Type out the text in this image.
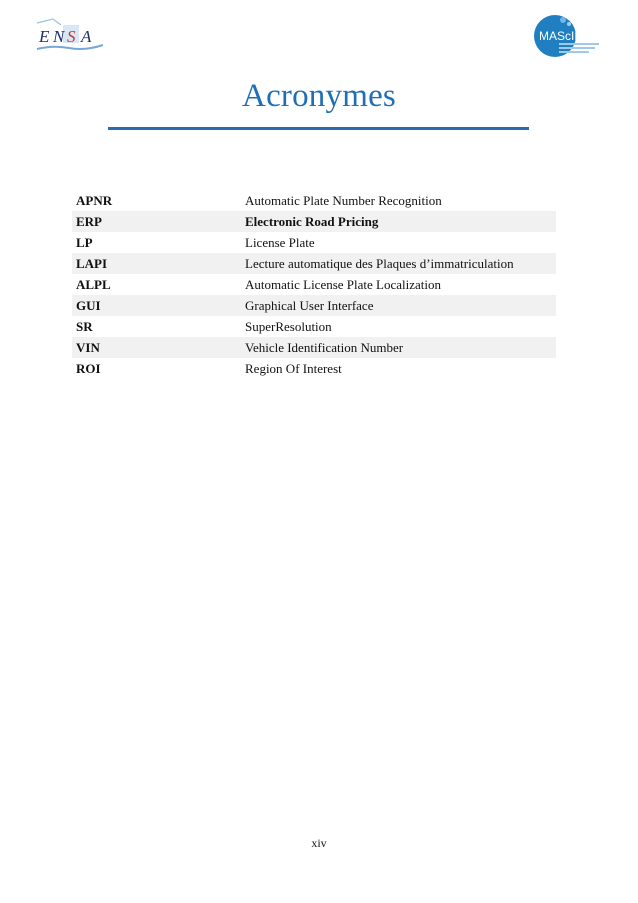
E N S A	MAScIR
Acronymes
APNR	Automatic Plate Number Recognition
ERP	Electronic Road Pricing
LP	License Plate
LAPI	Lecture automatique des Plaques d’immatriculation
ALPL	Automatic License Plate Localization
GUI	Graphical User Interface
SR	SuperResolution
VIN	Vehicle Identification Number
ROI	Region Of Interest
xiv
